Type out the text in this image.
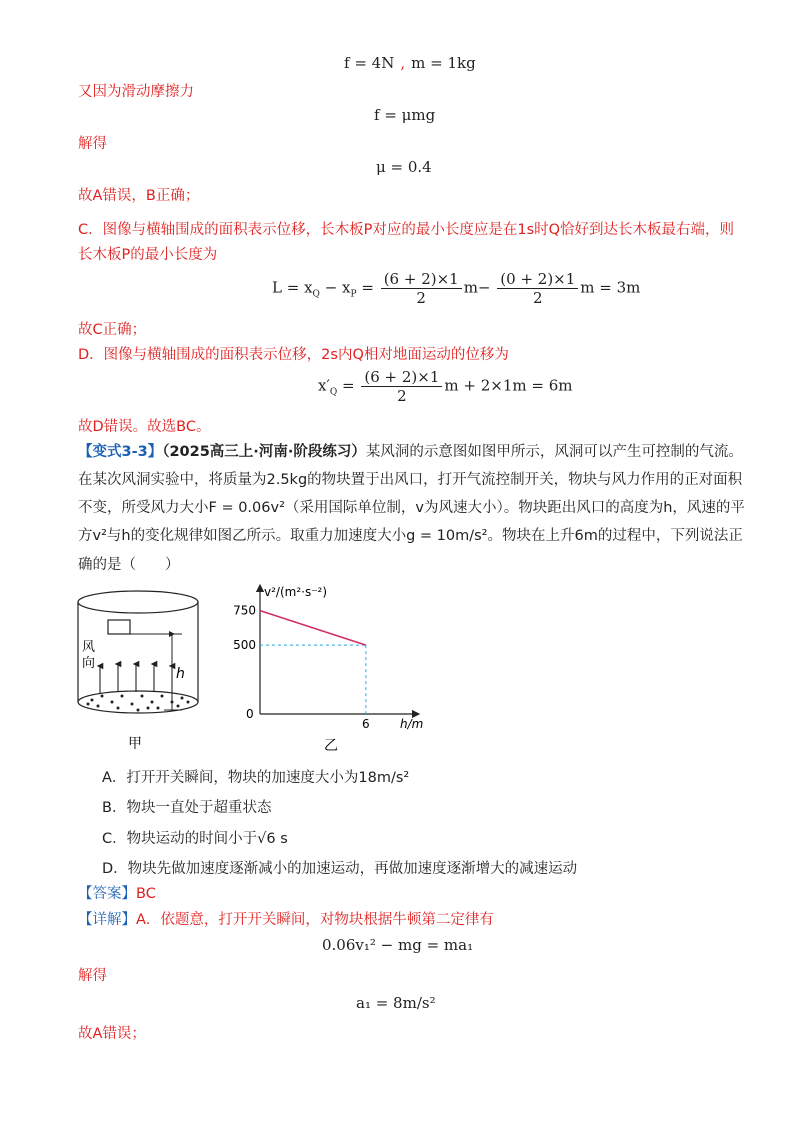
f = 4N , m = 1kg
又因为滑动摩擦力
f = μmg
解得
μ = 0.4
故A错误，B正确；
C．图像与横轴围成的面积表示位移，长木板P对应的最小长度应是在1s时Q恰好到达长木板最右端，则
长木板P的最小长度为
$L = x_Q - x_P = \frac{(6 + 2)\times 1}{2} m- \frac{(0 + 2)\times 1}{2}$ m = 3m
故C正确；
D．图像与横轴围成的面积表示位移，2s内Q相对地面运动的位移为
$x'_Q = \frac{(6 + 2)\times 1}{2}$ m + 2×1m = 6m
故D错误。故选BC。
【变式3-3】（2025高三上·河南·阶段练习）某风洞的示意图如图甲所示，风洞可以产生可控制的气流。
在某次风洞实验中，将质量为2.5kg的物块置于出风口，打开气流控制开关，物块与风力作用的正对面积
不变，所受风力大小F = 0.06v²（采用国际单位制，v为风速大小）。物块距出风口的高度为h，风速的平
方v²与h的变化规律如图乙所示。取重力加速度大小g = 10m/s²。物块在上升6m的过程中，下列说法正
确的是（　　）
风
向
h
甲
v²/(m²·s⁻²)
h/m
0
750
500
6
乙
A．打开开关瞬间，物块的加速度大小为18m/s²
B．物块一直处于超重状态
C．物块运动的时间小于√6 s
D．物块先做加速度逐渐减小的加速运动，再做加速度逐渐增大的减速运动
【答案】BC
【详解】A．依题意，打开开关瞬间，对物块根据牛顿第二定律有
0.06v₁² − mg = ma₁
解得
a₁ = 8m/s²
故A错误；
